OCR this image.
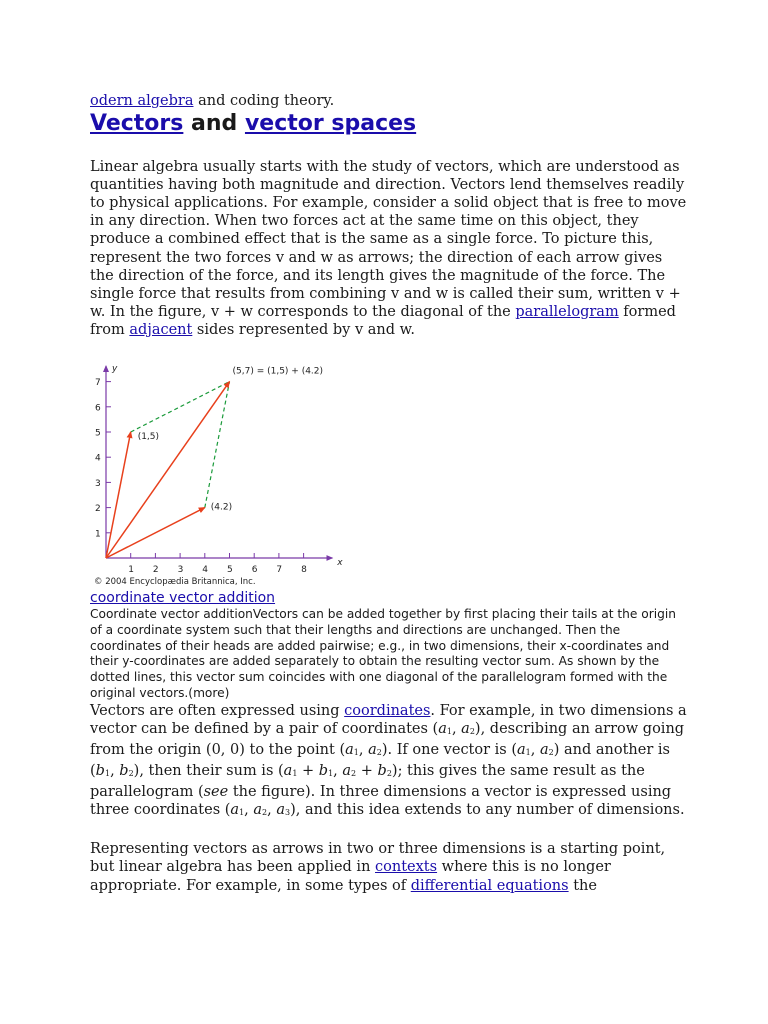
odern algebra and coding theory.

Vectors and vector spaces

Linear algebra usually starts with the study of vectors, which are understood as quantities having both magnitude and direction. Vectors lend themselves readily to physical applications. For example, consider a solid object that is free to move in any direction. When two forces act at the same time on this object, they produce a combined effect that is the same as a single force. To picture this, represent the two forces v and w as arrows; the direction of each arrow gives the direction of the force, and its length gives the magnitude of the force. The single force that results from combining v and w is called their sum, written v + w. In the figure, v + w corresponds to the diagonal of the parallelogram formed from adjacent sides represented by v and w.

1 2 3 4 5 6 7 8
1
2
3
4
5
6
7
x
y
(1,5)
(4.2)
(5,7) = (1,5) + (4.2)
© 2004 Encyclopædia Britannica, Inc.
coordinate vector addition

Coordinate vector additionVectors can be added together by first placing their tails at the origin of a coordinate system such that their lengths and directions are unchanged. Then the coordinates of their heads are added pairwise; e.g., in two dimensions, their x-coordinates and their y-coordinates are added separately to obtain the resulting vector sum. As shown by the dotted lines, this vector sum coincides with one diagonal of the parallelogram formed with the original vectors.(more)

Vectors are often expressed using coordinates. For example, in two dimensions a vector can be defined by a pair of coordinates ($a_1$, $a_2$), describing an arrow going from the origin (0, 0) to the point ($a_1$, $a_2$). If one vector is ($a_1$, $a_2$) and another is ($b_1$, $b_2$), then their sum is ($a_1 + b_1$, $a_2 + b_2$); this gives the same result as the parallelogram (see the figure). In three dimensions a vector is expressed using three coordinates ($a_1$, $a_2$, $a_3$), and this idea extends to any number of dimensions.

Representing vectors as arrows in two or three dimensions is a starting point, but linear algebra has been applied in contexts where this is no longer appropriate. For example, in some types of differential equations the
